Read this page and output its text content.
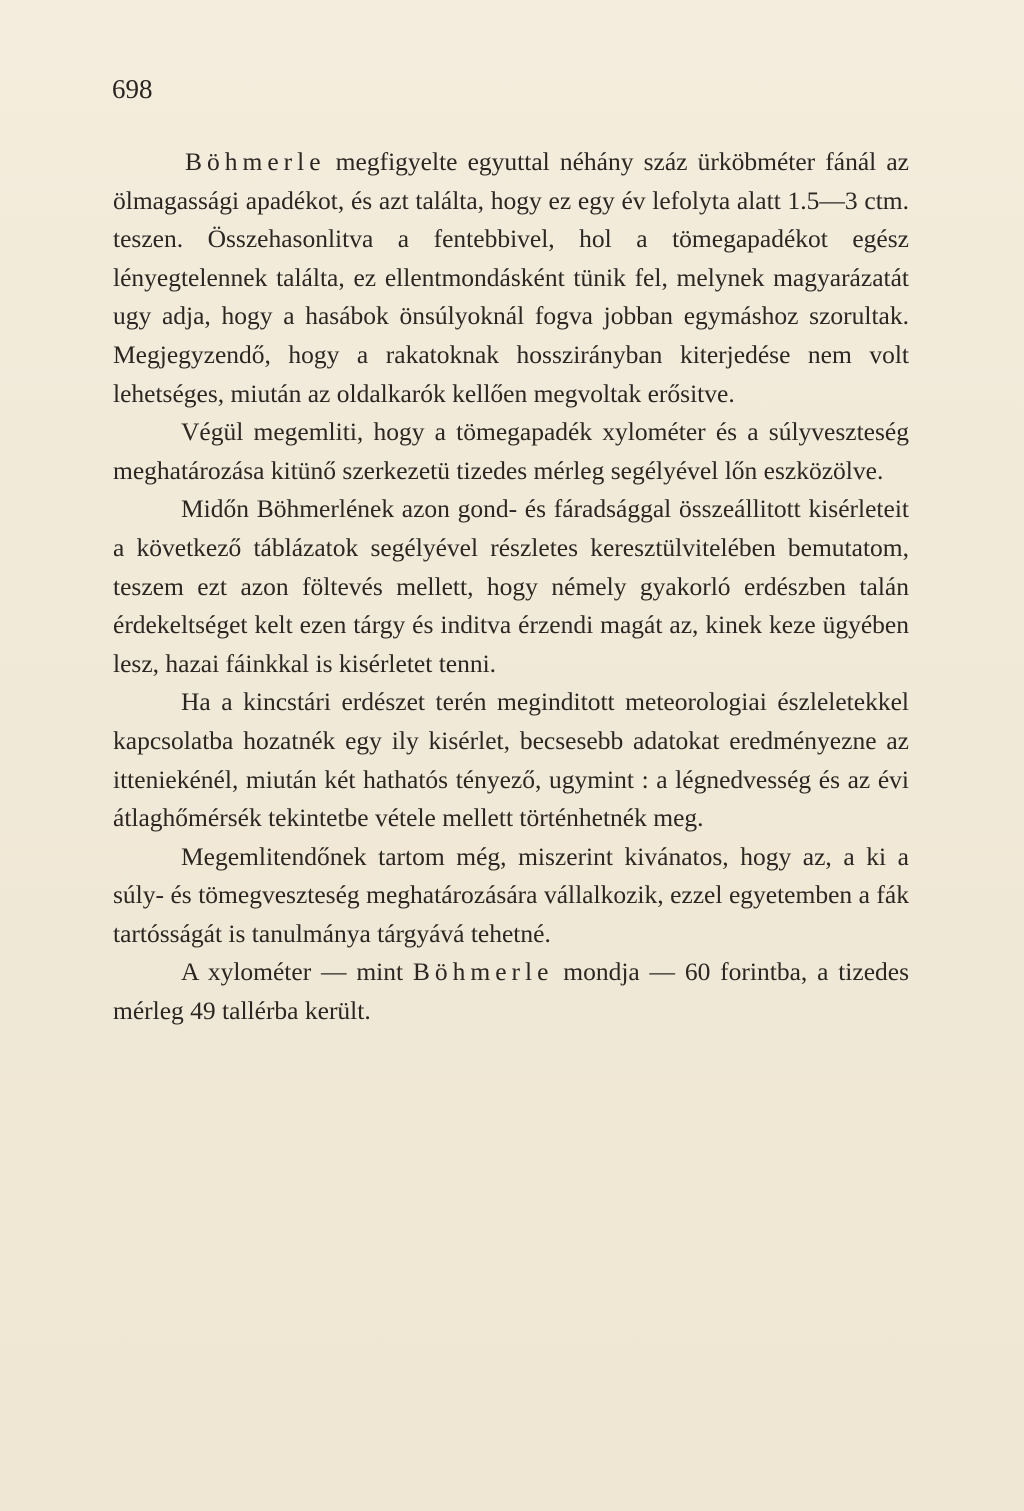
698

Böhmerle megfigyelte egyuttal néhány száz ürköbméter fánál az ölmagassági apadékot, és azt találta, hogy ez egy év lefolyta alatt 1.5—3 ctm. teszen. Összehasonlitva a fentebbivel, hol a tömegapadékot egész lényegtelennek találta, ez ellentmondásként tünik fel, melynek magyarázatát ugy adja, hogy a hasábok önsúlyoknál fogva jobban egymáshoz szorultak. Megjegyzendő, hogy a rakatoknak hosszirányban kiterjedése nem volt lehetséges, miután az oldalkarók kellően megvoltak erősitve.

Végül megemliti, hogy a tömegapadék xylométer és a súlyveszteség meghatározása kitünő szerkezetü tizedes mérleg segélyével lőn eszközölve.

Midőn Böhmerlének azon gond- és fáradsággal összeállitott kisérleteit a következő táblázatok segélyével részletes keresztülvitelében bemutatom, teszem ezt azon föltevés mellett, hogy némely gyakorló erdészben talán érdekeltséget kelt ezen tárgy és inditva érzendi magát az, kinek keze ügyében lesz, hazai fáinkkal is kisérletet tenni.

Ha a kincstári erdészet terén meginditott meteorologiai észleletekkel kapcsolatba hozatnék egy ily kisérlet, becsesebb adatokat eredményezne az itteniekénél, miután két hathatós tényező, ugymint : a légnedvesség és az évi átlaghőmérsék tekintetbe vétele mellett történhetnék meg.

Megemlitendőnek tartom még, miszerint kivánatos, hogy az, a ki a súly- és tömegveszteség meghatározására vállalkozik, ezzel egyetemben a fák tartósságát is tanulmánya tárgyává tehetné.

A xylométer — mint Böhmerle mondja — 60 forintba, a tizedes mérleg 49 tallérba került.
